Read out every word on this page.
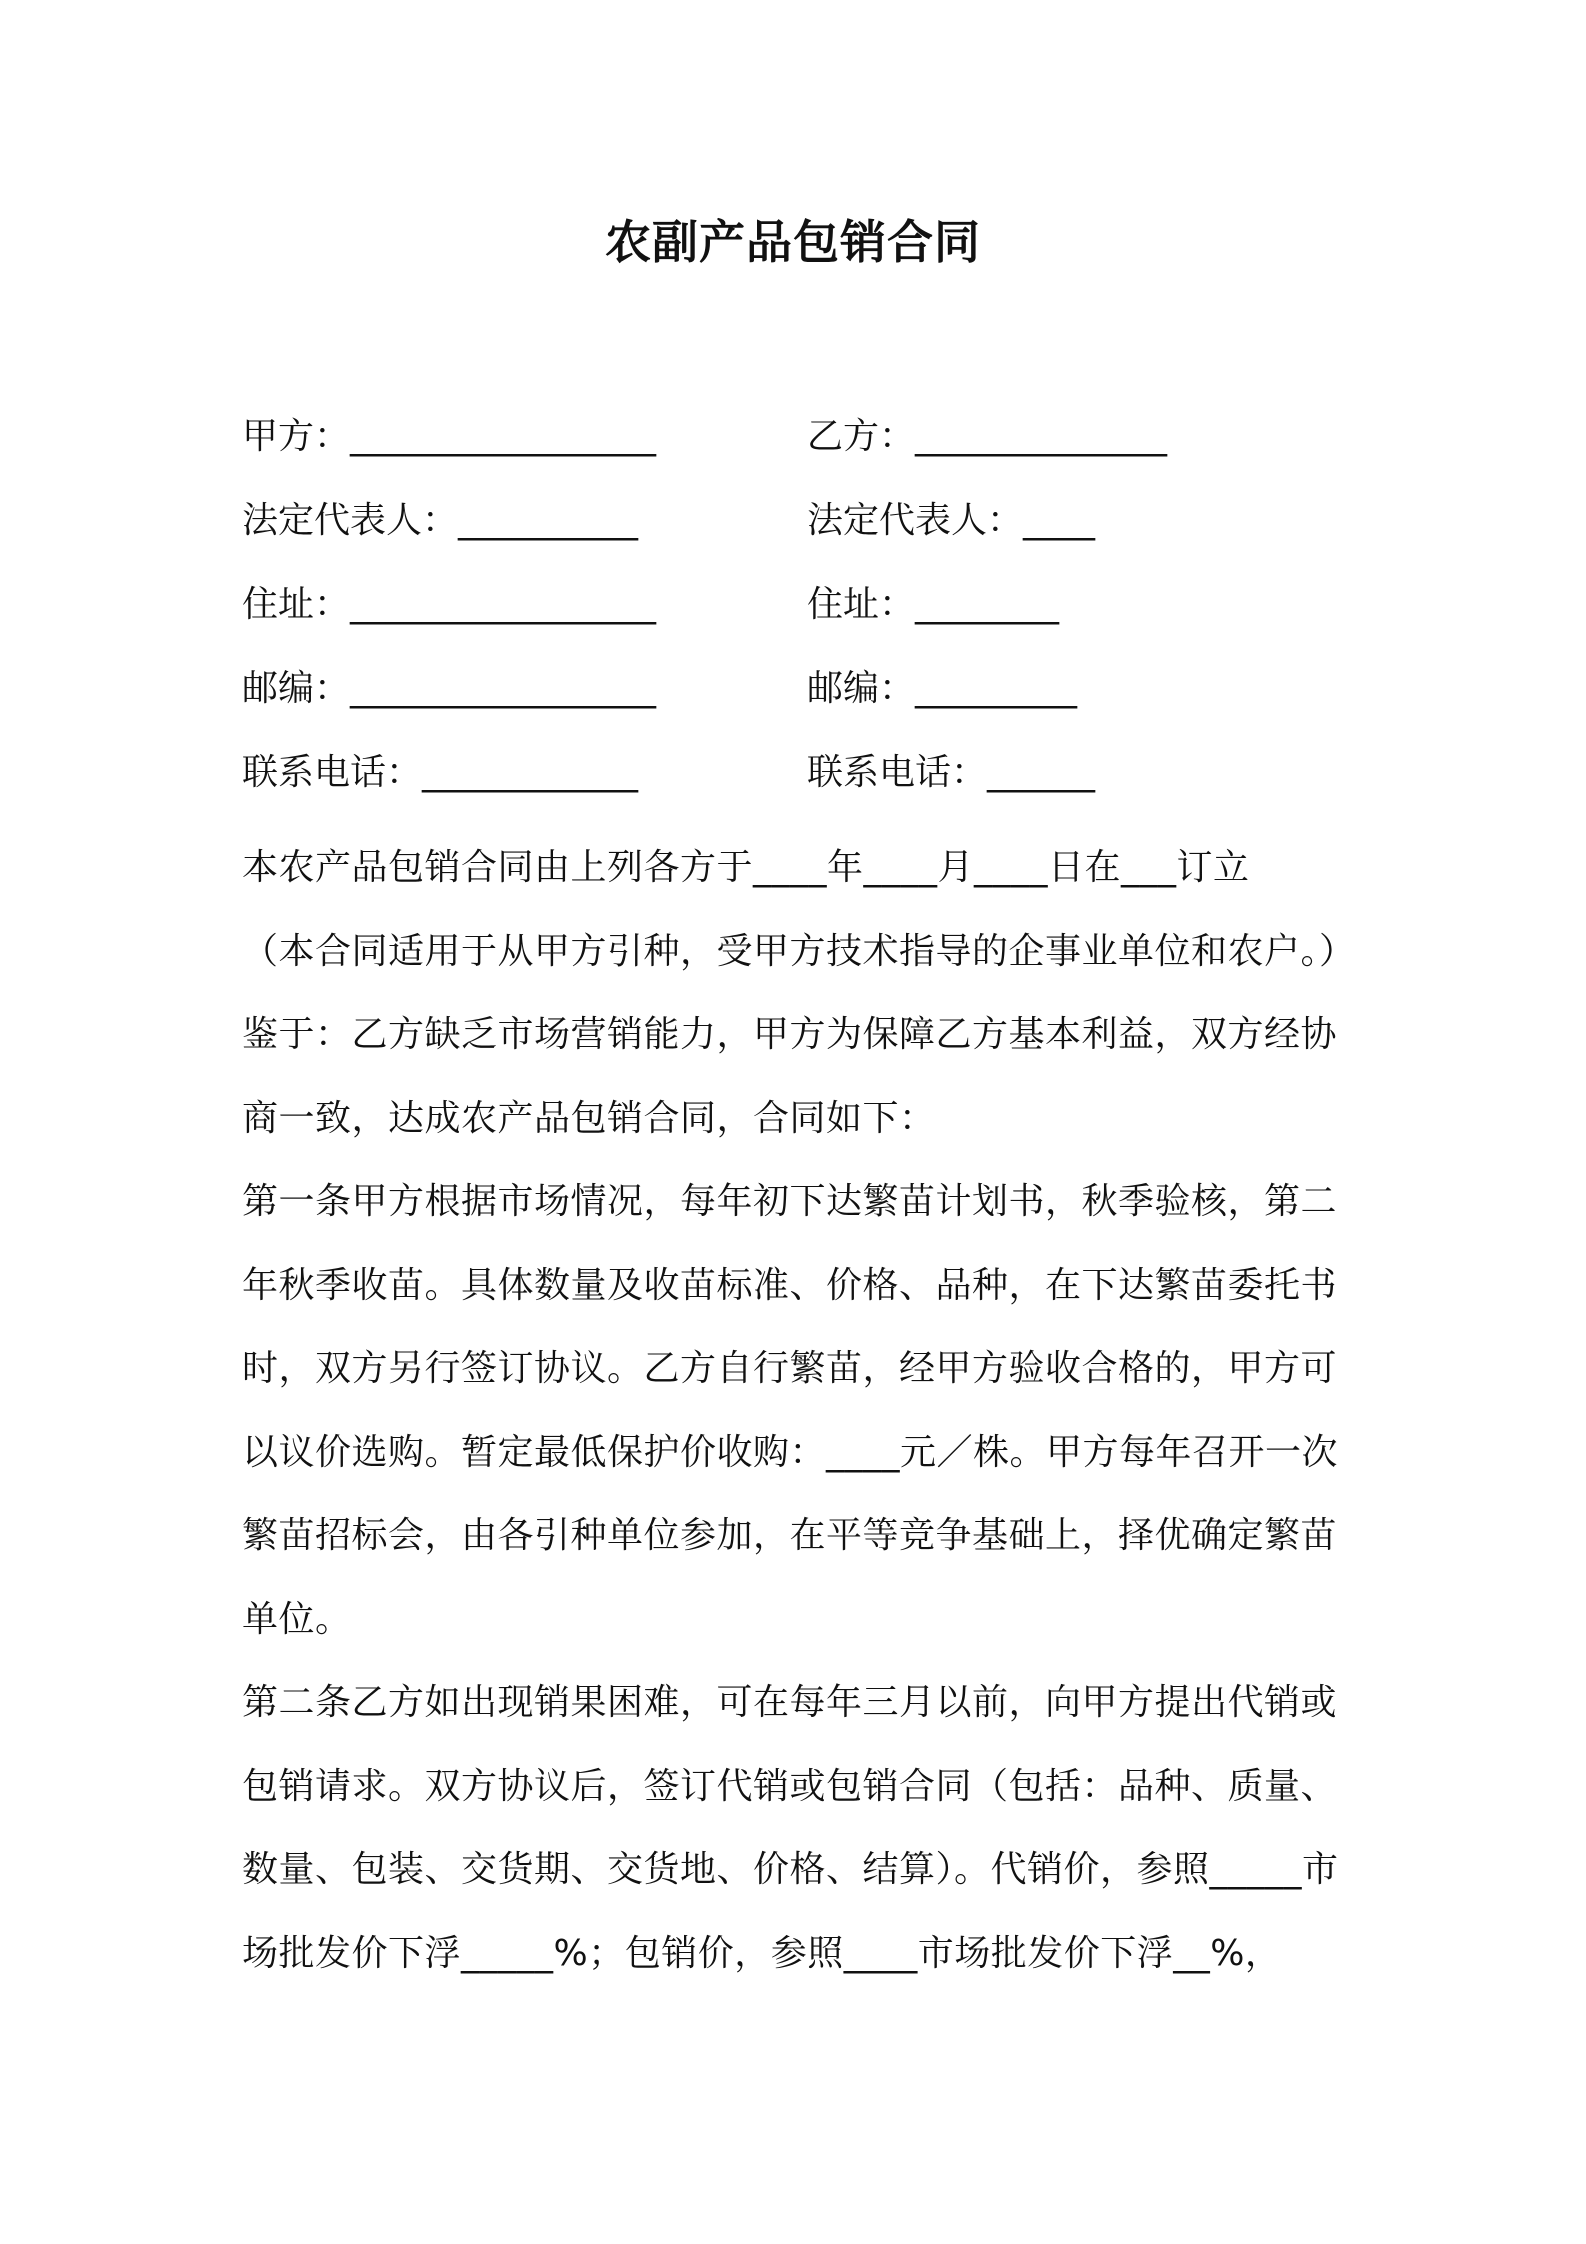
农副产品包销合同
甲方：_________________	乙方：______________
法定代表人：__________	法定代表人：____
住址：_________________	住址：________
邮编：_________________	邮编：_________
联系电话：____________	联系电话：______

本农产品包销合同由上列各方于____年____月____日在___订立

（本合同适用于从甲方引种，受甲方技术指导的企事业单位和农户。）

鉴于：乙方缺乏市场营销能力，甲方为保障乙方基本利益，双方经协商一致，达成农产品包销合同，合同如下：

第一条甲方根据市场情况，每年初下达繁苗计划书，秋季验核，第二年秋季收苗。具体数量及收苗标准、价格、品种，在下达繁苗委托书时，双方另行签订协议。乙方自行繁苗，经甲方验收合格的，甲方可以议价选购。暂定最低保护价收购：____元／株。甲方每年召开一次繁苗招标会，由各引种单位参加，在平等竞争基础上，择优确定繁苗单位。

第二条乙方如出现销果困难，可在每年三月以前，向甲方提出代销或包销请求。双方协议后，签订代销或包销合同（包括：品种、质量、数量、包装、交货期、交货地、价格、结算）。代销价，参照_____市场批发价下浮_____%；包销价，参照____市场批发价下浮__%，
